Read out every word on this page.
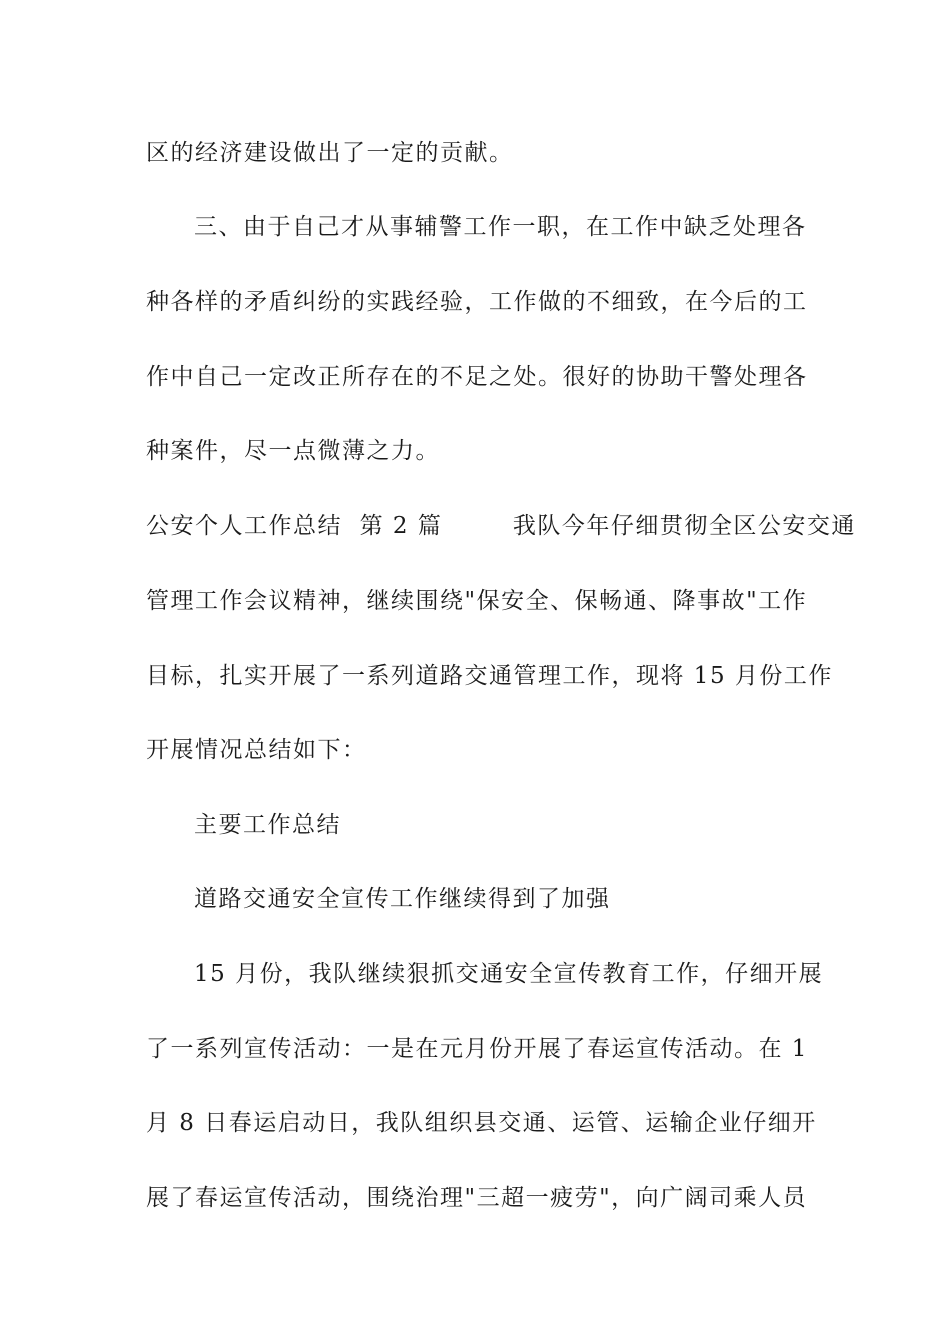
区的经济建设做出了一定的贡献。
三、由于自己才从事辅警工作一职，在工作中缺乏处理各
种各样的矛盾纠纷的实践经验，工作做的不细致，在今后的工
作中自己一定改正所存在的不足之处。很好的协助干警处理各
种案件，尽一点微薄之力。
公安个人工作总结  第 2 篇        我队今年仔细贯彻全区公安交通
管理工作会议精神，继续围绕"保安全、保畅通、降事故"工作
目标，扎实开展了一系列道路交通管理工作，现将 15 月份工作
开展情况总结如下：
主要工作总结
道路交通安全宣传工作继续得到了加强
15 月份，我队继续狠抓交通安全宣传教育工作，仔细开展
了一系列宣传活动：一是在元月份开展了春运宣传活动。在 1
月 8 日春运启动日，我队组织县交通、运管、运输企业仔细开
展了春运宣传活动，围绕治理"三超一疲劳"，向广阔司乘人员
